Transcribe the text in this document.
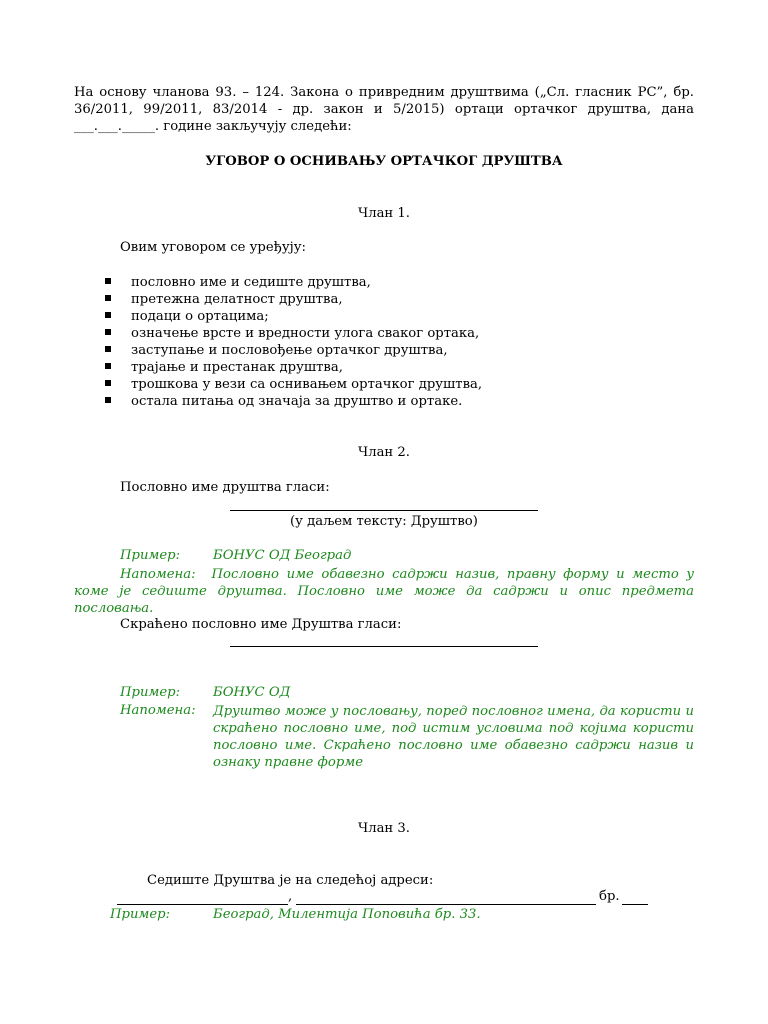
На основу чланова 93. – 124. Закона о привредним друштвима („Сл. гласник РС”, бр. 36/2011, 99/2011, 83/2014 - др. закон и 5/2015) ортаци ортачког друштва, дана ___.___._____. године закључују следећи:
УГОВОР О ОСНИВАЊУ ОРТАЧКОГ ДРУШТВА
Члан 1.
Овим уговором се уређују:
пословно име и седиште друштва,
претежна делатност друштва,
подаци о ортацима;
означење врсте и вредности улога сваког ортака,
заступање и пословођење ортачког друштва,
трајање и престанак друштва,
трошкова у вези са оснивањем ортачког друштва,
остала питања од значаја за друштво и ортаке.
Члан 2.
Пословно име друштва гласи:
(у даљем тексту: Друштво)
Пример: БОНУС ОД Београд
Напомена: Пословно име обавезно садржи назив, правну форму и место у коме је седиште друштва. Пословно име може да садржи и опис предмета пословања.
Скраћено пословно име Друштва гласи:
Пример: БОНУС ОД
Напомена: Друштво може у пословању, поред пословног имена, да користи и скраћено пословно име, под истим условима под којима користи пословно име. Скраћено пословно име обавезно садржи назив и ознаку правне форме
Члан 3.
Седиште Друштва је на следећој адреси:
,	бр.
Пример:	Београд, Милентија Поповића бр. 33.
